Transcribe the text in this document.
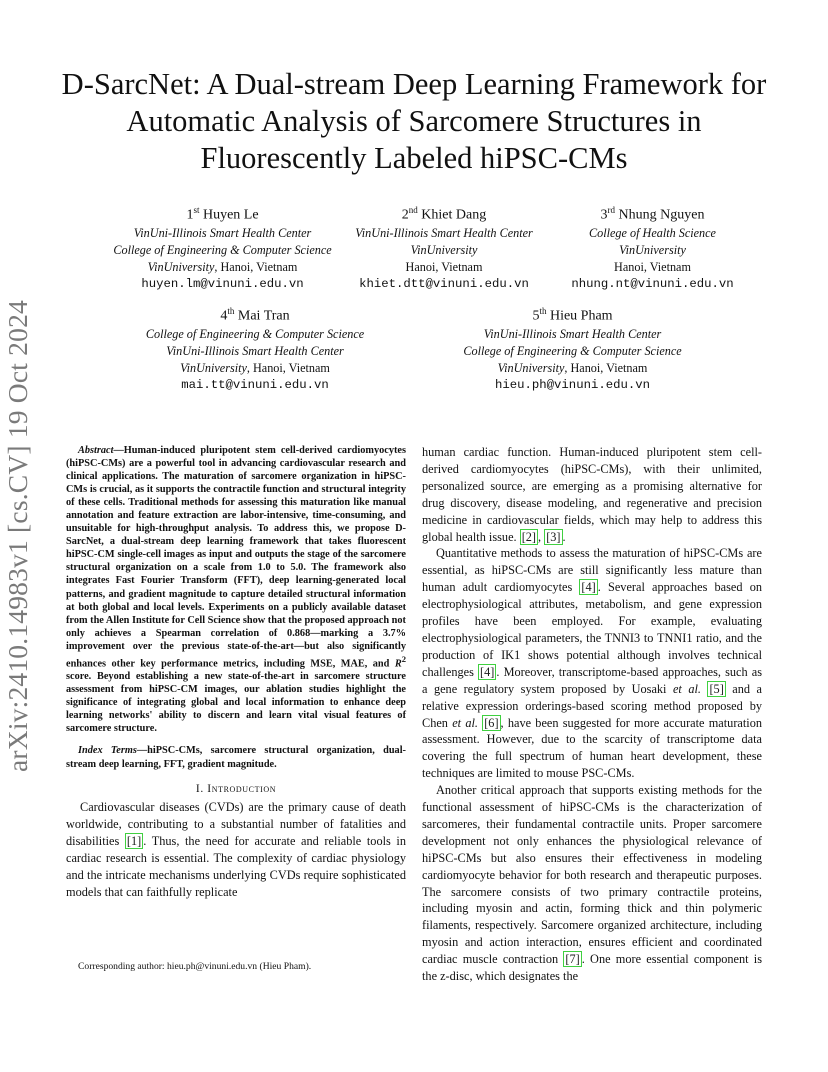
arXiv:2410.14983v1 [cs.CV] 19 Oct 2024
D-SarcNet: A Dual-stream Deep Learning Framework for Automatic Analysis of Sarcomere Structures in Fluorescently Labeled hiPSC-CMs
1st Huyen Le
VinUni-Illinois Smart Health Center
College of Engineering & Computer Science
VinUniversity, Hanoi, Vietnam
huyen.lm@vinuni.edu.vn
2nd Khiet Dang
VinUni-Illinois Smart Health Center
VinUniversity
Hanoi, Vietnam
khiet.dtt@vinuni.edu.vn
3rd Nhung Nguyen
College of Health Science
VinUniversity
Hanoi, Vietnam
nhung.nt@vinuni.edu.vn
4th Mai Tran
College of Engineering & Computer Science
VinUni-Illinois Smart Health Center
VinUniversity, Hanoi, Vietnam
mai.tt@vinuni.edu.vn
5th Hieu Pham
VinUni-Illinois Smart Health Center
College of Engineering & Computer Science
VinUniversity, Hanoi, Vietnam
hieu.ph@vinuni.edu.vn

Abstract—Human-induced pluripotent stem cell-derived cardiomyocytes (hiPSC-CMs) are a powerful tool in advancing cardiovascular research and clinical applications. The maturation of sarcomere organization in hiPSC-CMs is crucial, as it supports the contractile function and structural integrity of these cells. Traditional methods for assessing this maturation like manual annotation and feature extraction are labor-intensive, time-consuming, and unsuitable for high-throughput analysis. To address this, we propose D-SarcNet, a dual-stream deep learning framework that takes fluorescent hiPSC-CM single-cell images as input and outputs the stage of the sarcomere structural organization on a scale from 1.0 to 5.0. The framework also integrates Fast Fourier Transform (FFT), deep learning-generated local patterns, and gradient magnitude to capture detailed structural information at both global and local levels. Experiments on a publicly available dataset from the Allen Institute for Cell Science show that the proposed approach not only achieves a Spearman correlation of 0.868—marking a 3.7% improvement over the previous state-of-the-art—but also significantly enhances other key performance metrics, including MSE, MAE, and $R^2$ score. Beyond establishing a new state-of-the-art in sarcomere structure assessment from hiPSC-CM images, our ablation studies highlight the significance of integrating global and local information to enhance deep learning networks' ability to discern and learn vital visual features of sarcomere structure.

Index Terms—hiPSC-CMs, sarcomere structural organization, dual-stream deep learning, FFT, gradient magnitude.

I. Introduction

Cardiovascular diseases (CVDs) are the primary cause of death worldwide, contributing to a substantial number of fatalities and disabilities [1] . Thus, the need for accurate and reliable tools in cardiac research is essential. The complexity of cardiac physiology and the intricate mechanisms underlying CVDs require sophisticated models that can faithfully replicate

Corresponding author: hieu.ph@vinuni.edu.vn (Hieu Pham).

human cardiac function. Human-induced pluripotent stem cell-derived cardiomyocytes (hiPSC-CMs), with their unlimited, personalized source, are emerging as a promising alternative for drug discovery, disease modeling, and regenerative and precision medicine in cardiovascular fields, which may help to address this global health issue. [2] , [3] .

Quantitative methods to assess the maturation of hiPSC-CMs are essential, as hiPSC-CMs are still significantly less mature than human adult cardiomyocytes [4] . Several approaches based on electrophysiological attributes, metabolism, and gene expression profiles have been employed. For example, evaluating electrophysiological parameters, the TNNI3 to TNNI1 ratio, and the production of IK1 shows potential although involves technical challenges [4] . Moreover, transcriptome-based approaches, such as a gene regulatory system proposed by Uosaki et al. [5] and a relative expression orderings-based scoring method proposed by Chen et al. [6] , have been suggested for more accurate maturation assessment. However, due to the scarcity of transcriptome data covering the full spectrum of human heart development, these techniques are limited to mouse PSC-CMs.

Another critical approach that supports existing methods for the functional assessment of hiPSC-CMs is the characterization of sarcomeres, their fundamental contractile units. Proper sarcomere development not only enhances the physiological relevance of hiPSC-CMs but also ensures their effectiveness in modeling cardiomyocyte behavior for both research and therapeutic purposes. The sarcomere consists of two primary contractile proteins, including myosin and actin, forming thick and thin polymeric filaments, respectively. Sarcomere organized architecture, including myosin and action interaction, ensures efficient and coordinated cardiac muscle contraction [7] . One more essential component is the z-disc, which designates the
